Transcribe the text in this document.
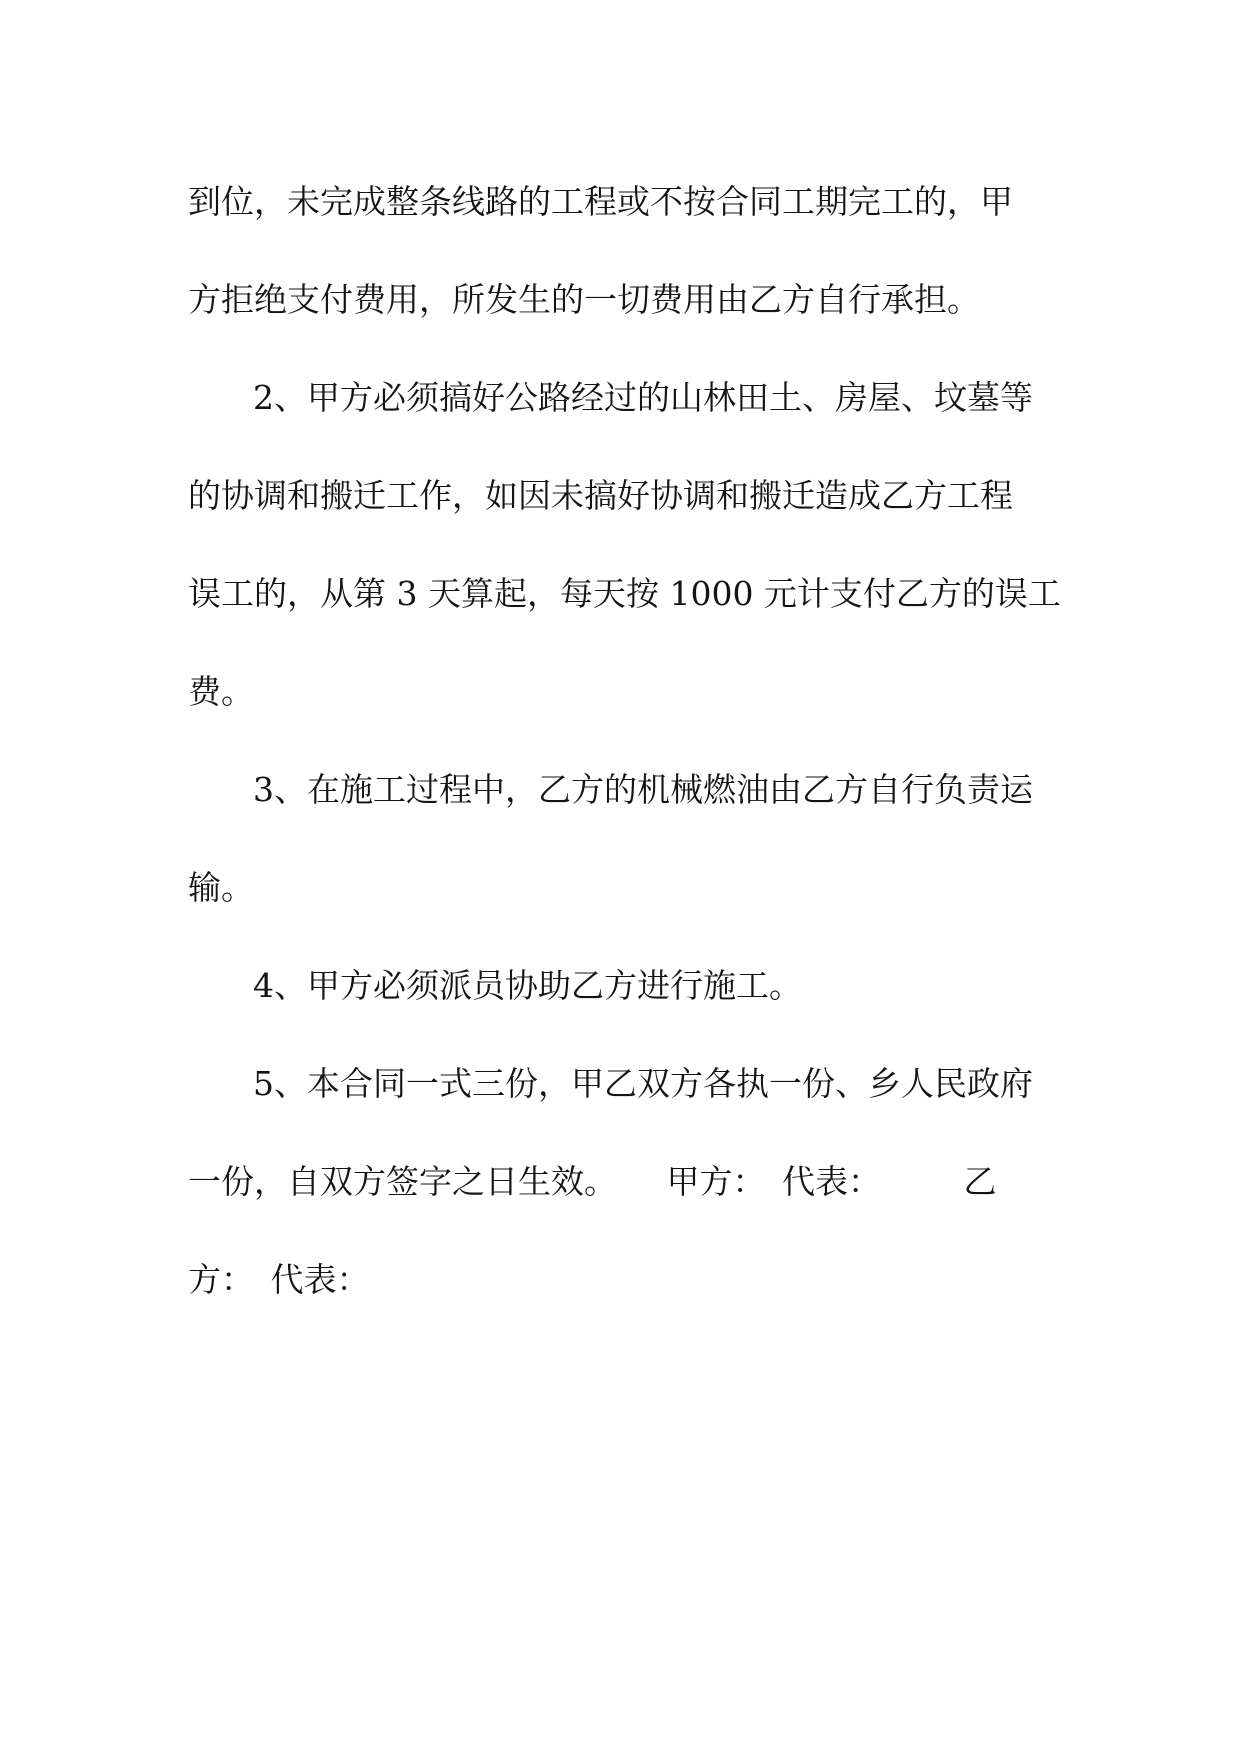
到位，未完成整条线路的工程或不按合同工期完工的，甲

方拒绝支付费用，所发生的一切费用由乙方自行承担。

2、甲方必须搞好公路经过的山林田土、房屋、坟墓等

的协调和搬迁工作，如因未搞好协调和搬迁造成乙方工程

误工的，从第 3 天算起，每天按 1000 元计支付乙方的误工

费。

3、在施工过程中，乙方的机械燃油由乙方自行负责运

输。

4、甲方必须派员协助乙方进行施工。

5、本合同一式三份，甲乙双方各执一份、乡人民政府

一份，自双方签字之日生效。　　甲方：　代表：　　　乙

方：　代表：
